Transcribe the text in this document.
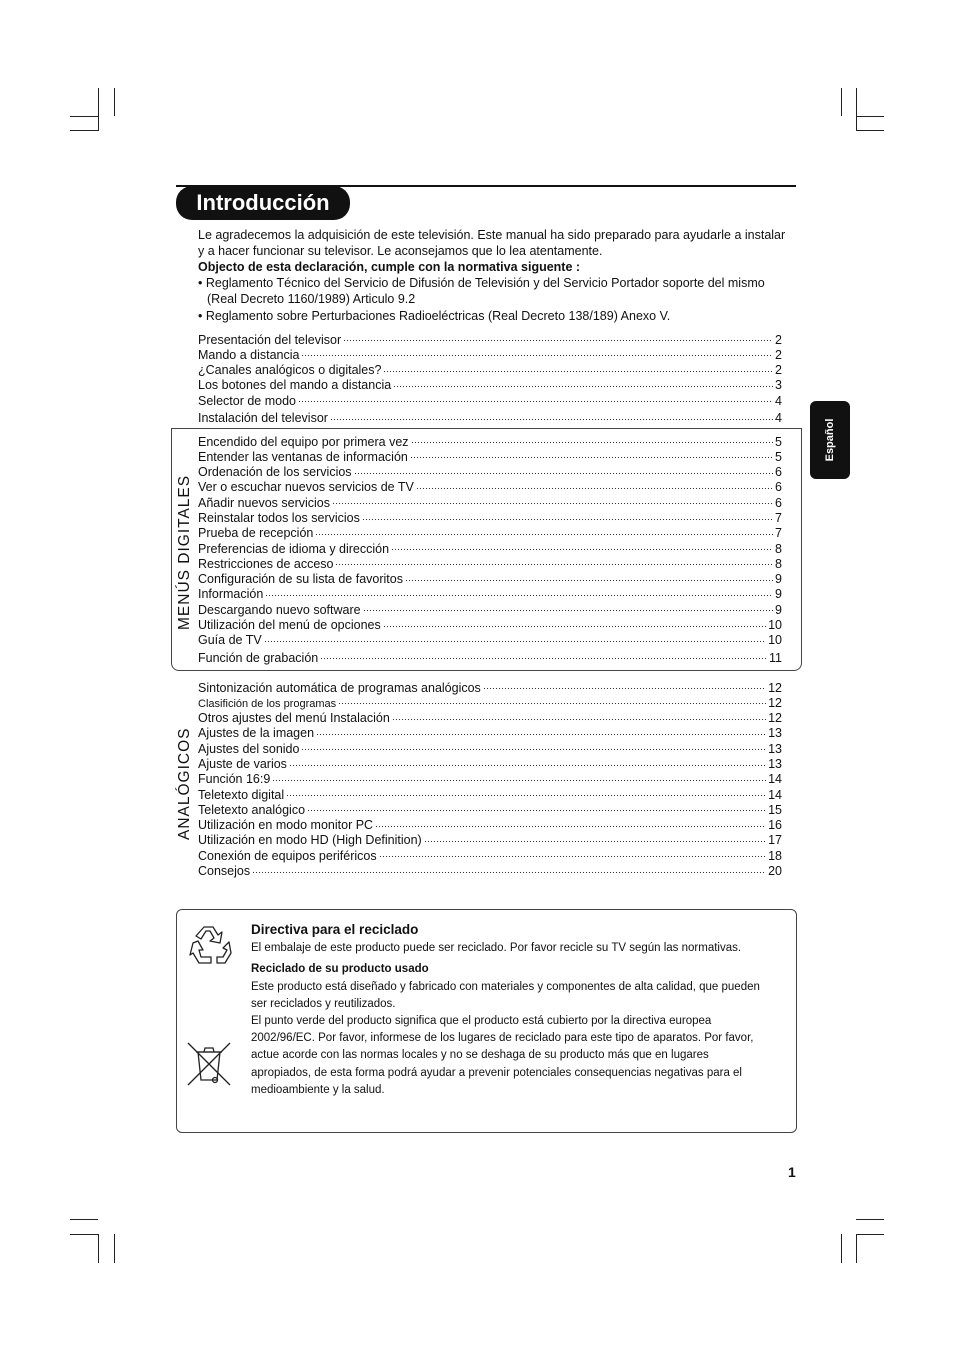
Introducción
Español

Le agradecemos la adquisición de este televisión. Este manual ha sido preparado para ayudarle a instalar y a hacer funcionar su televisor. Le aconsejamos que lo lea atentamente.

Objecto de esta declaración, cumple con la normativa siguente :

• Reglamento Técnico del Servicio de Difusión de Televisión y del Servicio Portador soporte del mismo (Real Decreto 1160/1989) Articulo 9.2

• Reglamento sobre Perturbaciones Radioeléctricas (Real Decreto 138/189) Anexo V.

Presentación del televisor	2
Mando a distancia	2
¿Canales analógicos o digitales?	2
Los botones del mando a distancia	3
Selector de modo	4
Instalación del televisor	4
MENÚS DIGITALES
Encendido del equipo por primera vez	5
Entender las ventanas de información	5
Ordenación de los servicios	6
Ver o escuchar nuevos servicios de TV	6
Añadir nuevos servicios	6
Reinstalar todos los servicios	7
Prueba de recepción	7
Preferencias de idioma y dirección	8
Restricciones de acceso	8
Configuración de su lista de favoritos	9
Información	9
Descargando nuevo software	9
Utilización del menú de opciones	10
Guía de TV	10
Función de grabación	11
ANALÓGICOS
Sintonización automática de programas analógicos	12
Clasifición de los programas	12
Otros ajustes del menú Instalación	12
Ajustes de la imagen	13
Ajustes del sonido	13
Ajuste de varios	13
Función 16:9	14
Teletexto digital	14
Teletexto analógico	15
Utilización en modo monitor PC	16
Utilización en modo HD (High Definition)	17
Conexión de equipos periféricos	18
Consejos	20

Directiva para el reciclado

El embalaje de este producto puede ser reciclado. Por favor recicle su TV según las normativas.

Reciclado de su producto usado

Este producto está diseñado y fabricado con materiales y componentes de alta calidad, que pueden ser reciclados y reutilizados.

El punto verde del producto significa que el producto está cubierto por la directiva europea 2002/96/EC. Por favor, informese de los lugares de reciclado para este tipo de aparatos. Por favor, actue acorde con las normas locales y no se deshaga de su producto más que en lugares apropiados, de esta forma podrá ayudar a prevenir potenciales consequencias negativas para el medioambiente y la salud.

1
